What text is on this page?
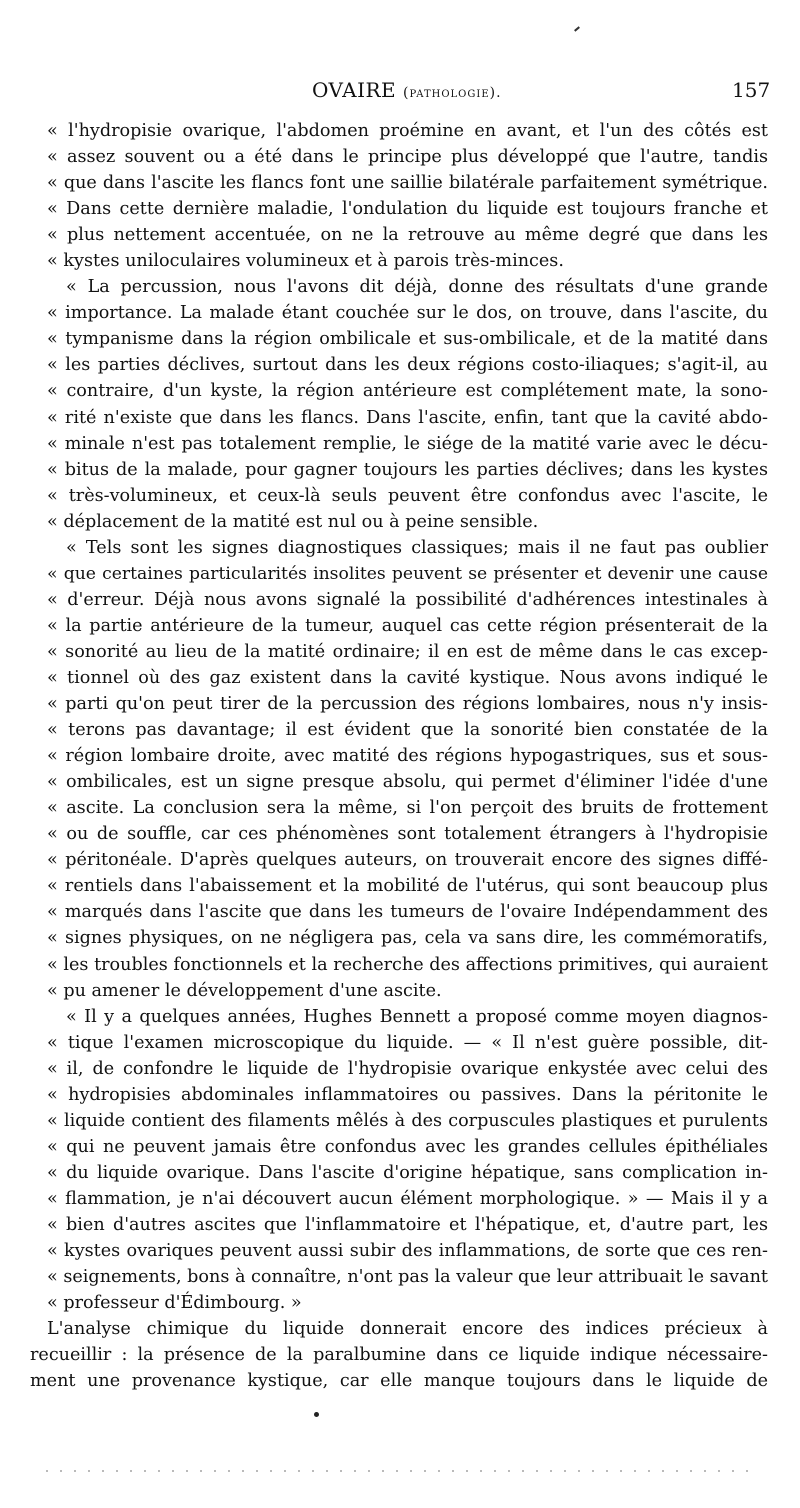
OVAIRE (pathologie).	157
« l'hydropisie ovarique, l'abdomen proémine en avant, et l'un des côtés est
« assez souvent ou a été dans le principe plus développé que l'autre, tandis
« que dans l'ascite les flancs font une saillie bilatérale parfaitement symétrique.
« Dans cette dernière maladie, l'ondulation du liquide est toujours franche et
« plus nettement accentuée, on ne la retrouve au même degré que dans les
« kystes uniloculaires volumineux et à parois très-minces.
« La percussion, nous l'avons dit déjà, donne des résultats d'une grande
« importance. La malade étant couchée sur le dos, on trouve, dans l'ascite, du
« tympanisme dans la région ombilicale et sus-ombilicale, et de la matité dans
« les parties déclives, surtout dans les deux régions costo-iliaques; s'agit-il, au
« contraire, d'un kyste, la région antérieure est complétement mate, la sono-
« rité n'existe que dans les flancs. Dans l'ascite, enfin, tant que la cavité abdo-
« minale n'est pas totalement remplie, le siége de la matité varie avec le décu-
« bitus de la malade, pour gagner toujours les parties déclives; dans les kystes
« très-volumineux, et ceux-là seuls peuvent être confondus avec l'ascite, le
« déplacement de la matité est nul ou à peine sensible.
« Tels sont les signes diagnostiques classiques; mais il ne faut pas oublier
« que certaines particularités insolites peuvent se présenter et devenir une cause
« d'erreur. Déjà nous avons signalé la possibilité d'adhérences intestinales à
« la partie antérieure de la tumeur, auquel cas cette région présenterait de la
« sonorité au lieu de la matité ordinaire; il en est de même dans le cas excep-
« tionnel où des gaz existent dans la cavité kystique. Nous avons indiqué le
« parti qu'on peut tirer de la percussion des régions lombaires, nous n'y insis-
« terons pas davantage; il est évident que la sonorité bien constatée de la
« région lombaire droite, avec matité des régions hypogastriques, sus et sous-
« ombilicales, est un signe presque absolu, qui permet d'éliminer l'idée d'une
« ascite. La conclusion sera la même, si l'on perçoit des bruits de frottement
« ou de souffle, car ces phénomènes sont totalement étrangers à l'hydropisie
« péritonéale. D'après quelques auteurs, on trouverait encore des signes diffé-
« rentiels dans l'abaissement et la mobilité de l'utérus, qui sont beaucoup plus
« marqués dans l'ascite que dans les tumeurs de l'ovaire Indépendamment des
« signes physiques, on ne négligera pas, cela va sans dire, les commémoratifs,
« les troubles fonctionnels et la recherche des affections primitives, qui auraient
« pu amener le développement d'une ascite.
« Il y a quelques années, Hughes Bennett a proposé comme moyen diagnos-
« tique l'examen microscopique du liquide. — « Il n'est guère possible, dit-
« il, de confondre le liquide de l'hydropisie ovarique enkystée avec celui des
« hydropisies abdominales inflammatoires ou passives. Dans la péritonite le
« liquide contient des filaments mêlés à des corpuscules plastiques et purulents
« qui ne peuvent jamais être confondus avec les grandes cellules épithéliales
« du liquide ovarique. Dans l'ascite d'origine hépatique, sans complication in-
« flammation, je n'ai découvert aucun élément morphologique. » — Mais il y a
« bien d'autres ascites que l'inflammatoire et l'hépatique, et, d'autre part, les
« kystes ovariques peuvent aussi subir des inflammations, de sorte que ces ren-
« seignements, bons à connaître, n'ont pas la valeur que leur attribuait le savant
« professeur d'Édimbourg. »
L'analyse chimique du liquide donnerait encore des indices précieux à
recueillir : la présence de la paralbumine dans ce liquide indique nécessaire-
ment une provenance kystique, car elle manque toujours dans le liquide de
